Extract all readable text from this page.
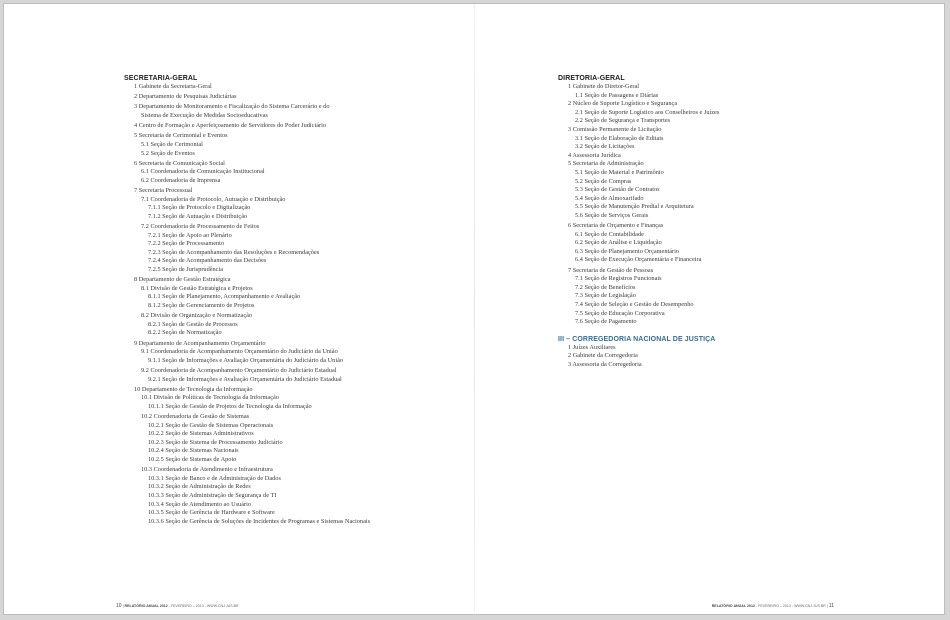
SECRETARIA-GERAL
1 Gabinete da Secretaria-Geral
2 Departamento de Pesquisas Judiciárias
3 Departamento de Monitoramento e Fiscalização do Sistema Carcerário e do
Sistema de Execução de Medidas Socioeducativas
4 Centro de Formação e Aperfeiçoamento de Servidores do Poder Judiciário
5 Secretaria de Cerimonial e Eventos
5.1 Seção de Cerimonial
5.2 Seção de Eventos
6 Secretaria de Comunicação Social
6.1 Coordenadoria de Comunicação Institucional
6.2 Coordenadoria de Imprensa
7 Secretaria Processual
7.1 Coordenadoria de Protocolo, Autuação e Distribuição
7.1.1 Seção de Protocolo e Digitalização
7.1.2 Seção de Autuação e Distribuição
7.2 Coordenadoria de Processamento de Feitos
7.2.1 Seção de Apoio ao Plenário
7.2.2 Seção de Processamento
7.2.3 Seção de Acompanhamento das Resoluções e Recomendações
7.2.4 Seção de Acompanhamento das Decisões
7.2.5 Seção de Jurisprudência
8 Departamento de Gestão Estratégica
8.1 Divisão de Gestão Estratégica e Projetos
8.1.1 Seção de Planejamento, Acompanhamento e Avaliação
8.1.2 Seção de Gerenciamento de Projetos
8.2 Divisão de Organização e Normatização
8.2.1 Seção de Gestão de Processos
8.2.2 Seção de Normatização
9 Departamento de Acompanhamento Orçamentário
9.1 Coordenadoria de Acompanhamento Orçamentário do Judiciário da União
9.1.1 Seção de Informações e Avaliação Orçamentária do Judiciário da União
9.2 Coordenadoria de Acompanhamento Orçamentário do Judiciário Estadual
9.2.1 Seção de Informações e Avaliação Orçamentária do Judiciário Estadual
10 Departamento de Tecnologia da Informação
10.1 Divisão de Políticas de Tecnologia da Informação
10.1.1 Seção de Gestão de Projetos de Tecnologia da Informação
10.2 Coordenadoria de Gestão de Sistemas
10.2.1 Seção de Gestão de Sistemas Operacionais
10.2.2 Seção de Sistemas Administrativos
10.2.3 Seção de Sistema de Processamento Judiciário
10.2.4 Seção de Sistemas Nacionais
10.2.5 Seção de Sistemas de Apoio
10.3 Coordenadoria de Atendimento e Infraestrutura
10.3.1 Seção de Banco e de Administração de Dados
10.3.2 Seção de Administração de Redes
10.3.3 Seção de Administração de Segurança de TI
10.3.4 Seção de Atendimento ao Usuário
10.3.5 Seção de Gerência de Hardware e Software
10.3.6 Seção de Gerência de Soluções de Incidentes de Programas e Sistemas Nacionais
DIRETORIA-GERAL
1 Gabinete do Diretor-Geral
1.1 Seção de Passagens e Diárias
2 Núcleo de Suporte Logístico e Segurança
2.1 Seção de Suporte Logístico aos Conselheiros e Juízes
2.2 Seção de Segurança e Transportes
3 Comissão Permanente de Licitação
3.1 Seção de Elaboração de Editais
3.2 Seção de Licitações
4 Assessoria Jurídica
5 Secretaria de Administração
5.1 Seção de Material e Patrimônio
5.2 Seção de Compras
5.3 Seção de Gestão de Contratos
5.4 Seção de Almoxarifado
5.5 Seção de Manutenção Predial e Arquitetura
5.6 Seção de Serviços Gerais
6 Secretaria de Orçamento e Finanças
6.1 Seção de Contabilidade
6.2 Seção de Análise e Liquidação
6.3 Seção de Planejamento Orçamentário
6.4 Seção de Execução Orçamentária e Financeira
7 Secretaria de Gestão de Pessoas
7.1 Seção de Registros Funcionais
7.2 Seção de Benefícios
7.3 Seção de Legislação
7.4 Seção de Seleção e Gestão de Desempenho
7.5 Seção de Educação Corporativa
7.6 Seção de Pagamento
III – CORREGEDORIA NACIONAL DE JUSTIÇA
1 Juízes Auxiliares
2 Gabinete da Corregedoria
3 Assessoria da Corregedoria
10 | RELATÓRIO ANUAL 2012 - FEVEREIRO – 2013 - WWW.CNJ.JUS.BR	RELATÓRIO ANUAL 2012 - FEVEREIRO – 2013 - WWW.CNJ.JUS.BR | 11
